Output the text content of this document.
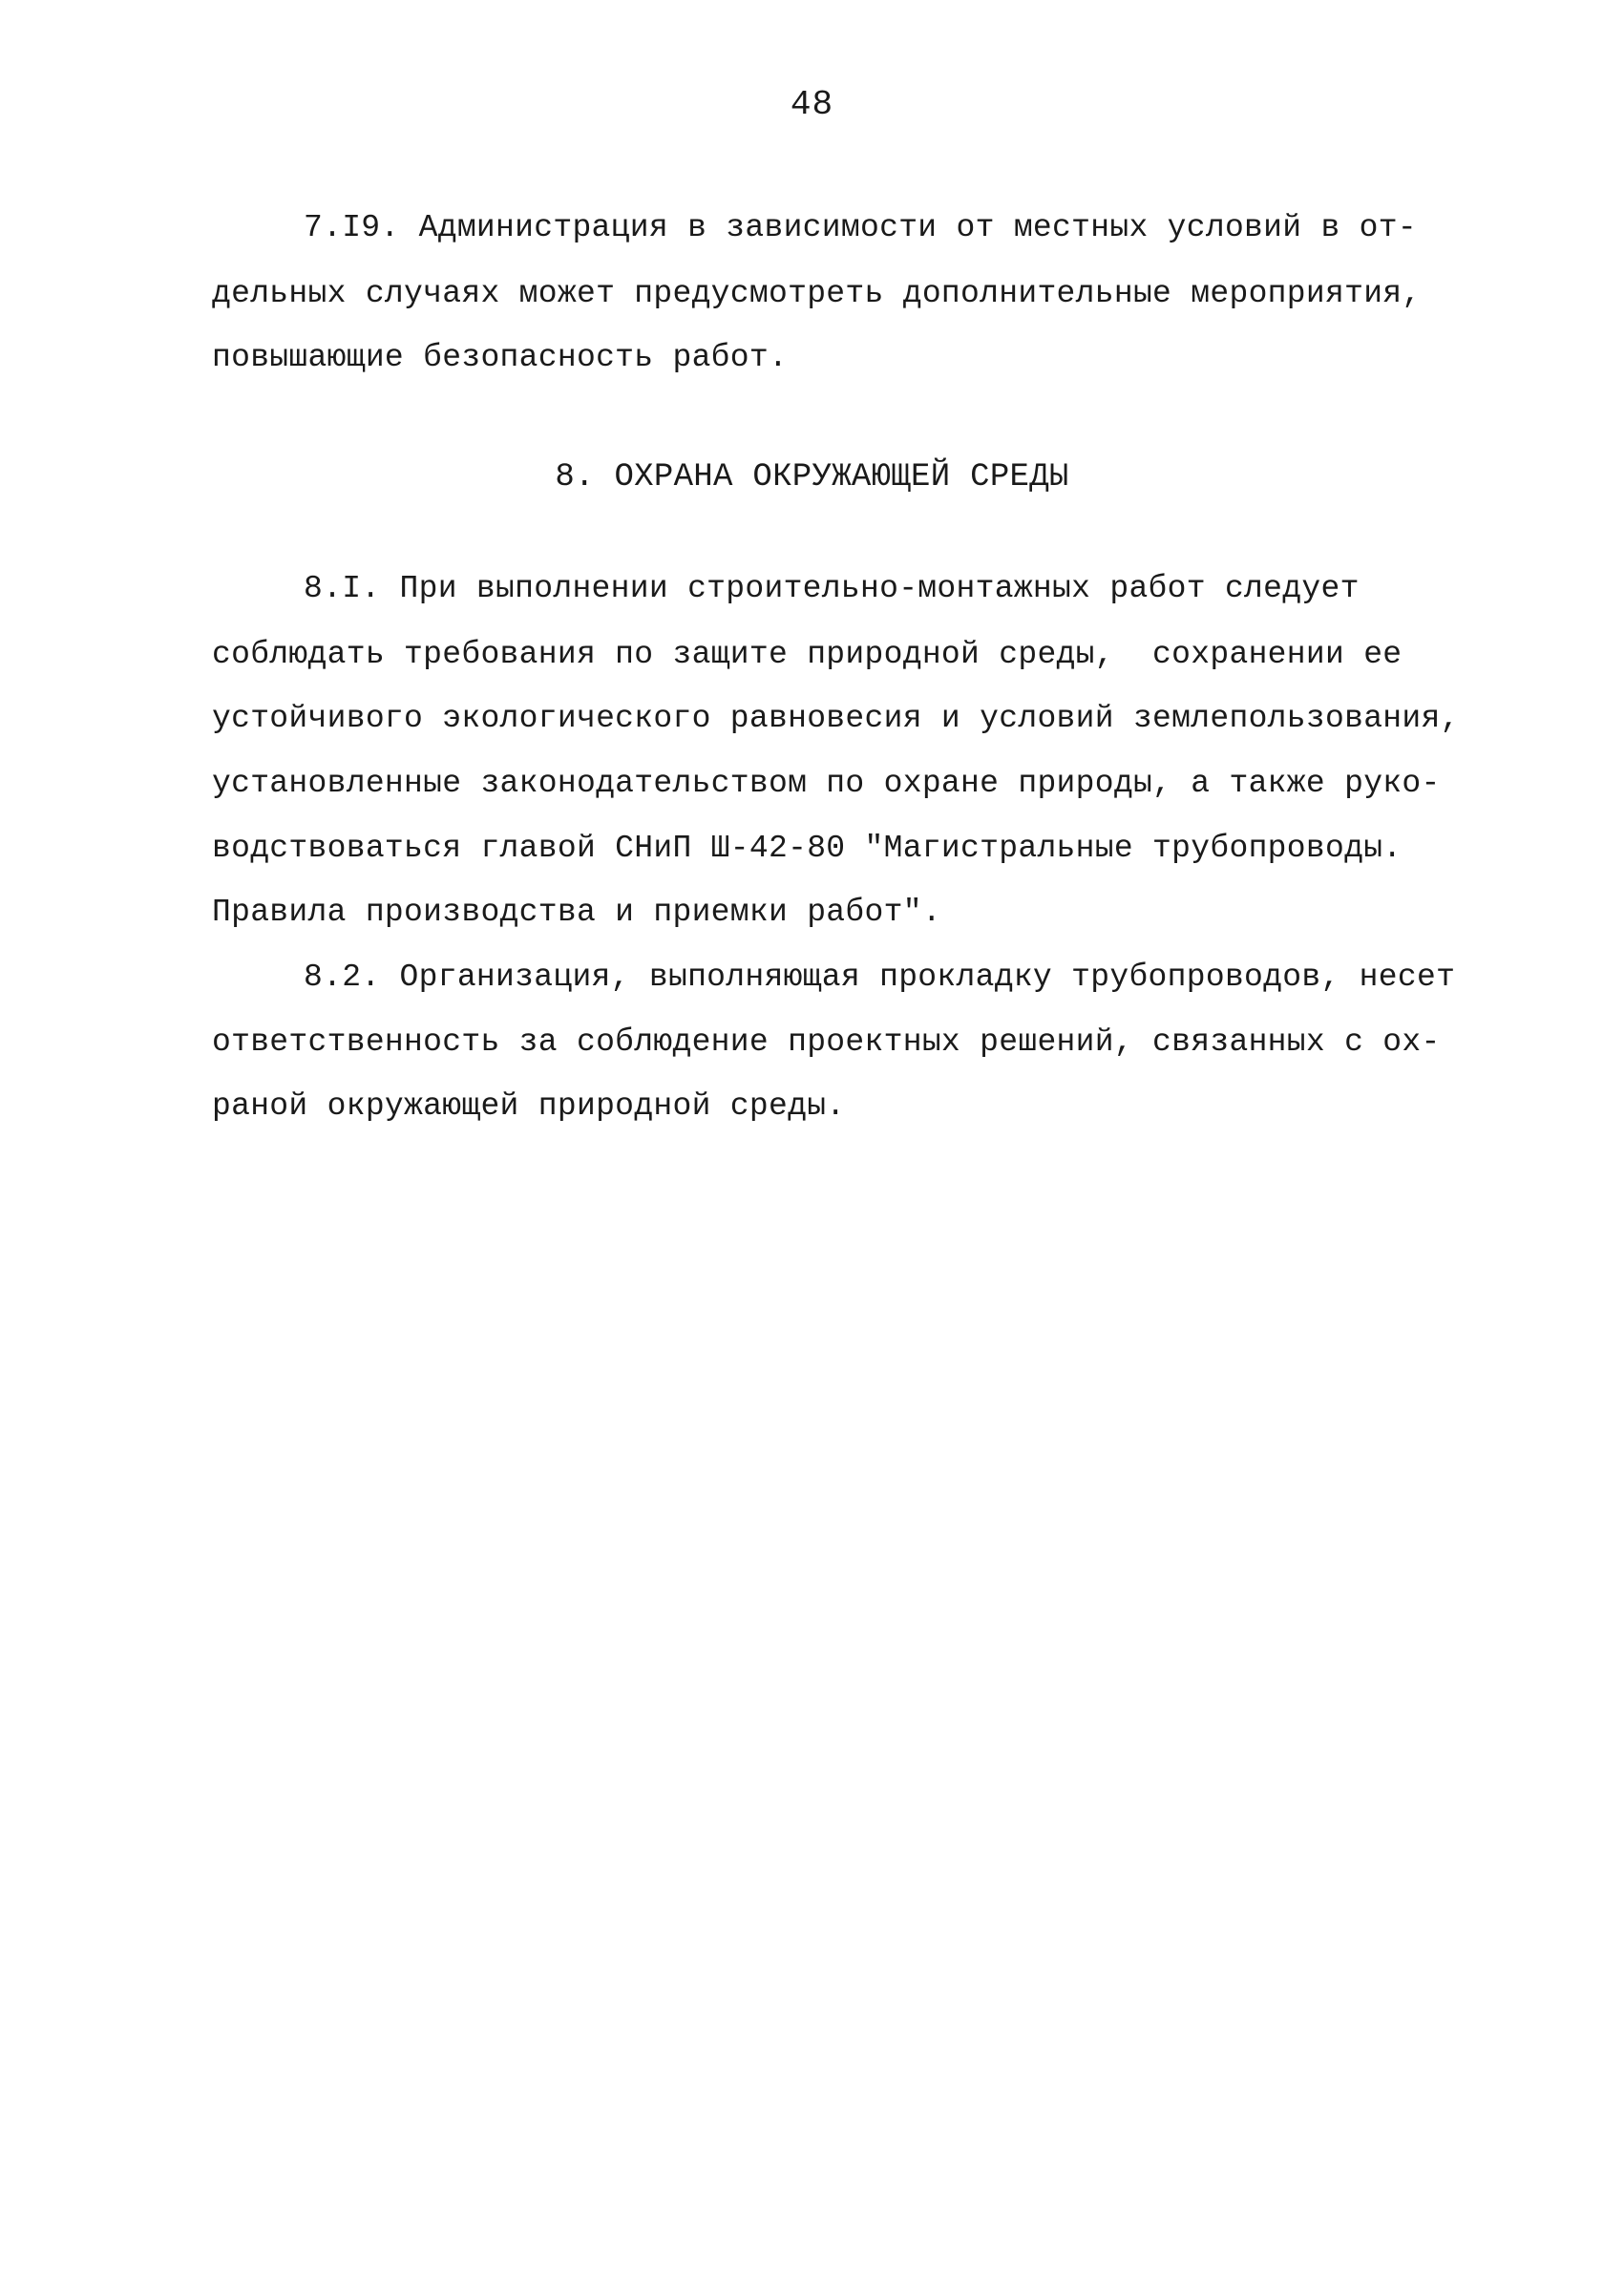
48
7.I9. Администрация в зависимости от местных условий в от-
дельных случаях может предусмотреть дополнительные мероприятия,
повышающие безопасность работ.
8. ОХРАНА ОКРУЖАЮЩЕЙ СРЕДЫ
8.I. При выполнении строительно-монтажных работ следует
соблюдать требования по защите природной среды,  сохранении ее
устойчивого экологического равновесия и условий землепользования,
установленные законодательством по охране природы, а также руко-
водствоваться главой СНиП Ш-42-80 "Магистральные трубопроводы.
Правила производства и приемки работ".
8.2. Организация, выполняющая прокладку трубопроводов, несет
ответственность за соблюдение проектных решений, связанных с ох-
раной окружающей природной среды.
